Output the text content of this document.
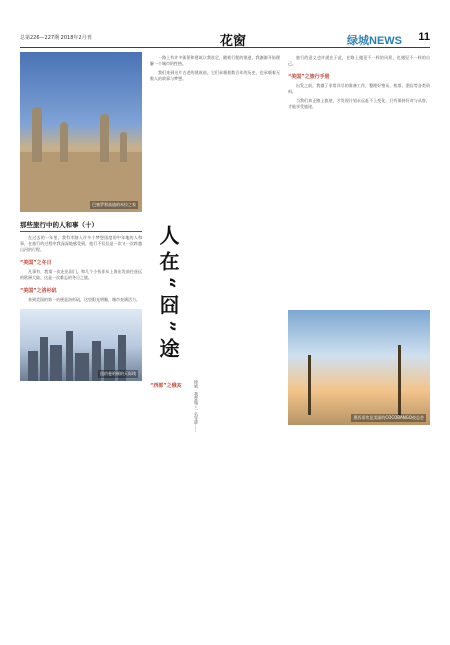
总第226—227期 2018年2月刊	花窗	绿城NEWS 11
巴塞罗那高迪的米拉之家
那些旅行中的人和事（十）

在过去的一年里，我有幸踏入许多个梦想国度的中年地的人和事，在旅行的过程中我深深地感受到，旅行不仅仅是一次又一次跨越山河的行程。

“美国”之冬日

凡事有，我第一次走出国门，和几个小伙伴从上海出发前往遥远的欧洲大陆。这是一次难忘的冬日之旅。

“美国”之洛杉矶

来到美国的第一站便是洛杉矶，这里阳光明媚，城市充满活力。

纽约曼哈顿的天际线

一路上有许多街景和建筑让我驻足，随着行程的推进，我渐渐开始理解一个城市的性格。

我们来到这片古老的建筑前，它们承载着数百年的历史，也承载着无数人的故事与梦想。

“西部”之俄亥
人在“囧”途
徐斌：我曾做了一名导游……

旅行的意义也许就在于此，在路上遇见不一样的风景，也遇见不一样的自己。

“美国”之旅行手册

出发之前，我做了非常详尽的准备工作，整理好签证、机票、酒店等各类资料。

当我们真正踏上旅途，才发现计划永远赶不上变化，只有保持好奇与从容，才能享受旅途。

墨西哥坎昆美丽的COCOBANGO夜总会
